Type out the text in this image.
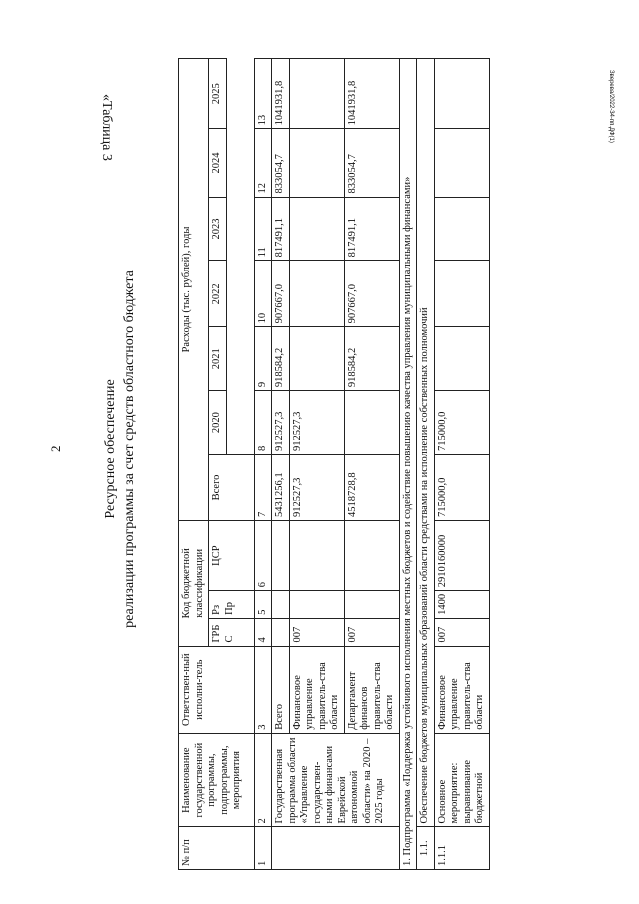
2
«Таблица 3
Ресурсное обеспечение реализации программы за счет средств областного бюджета
Зверева/2022-34-пп.ДФ(1)
№ п/п	Наименование государственной программы, подпрограммы, мероприятия	Ответствен-ный исполни-тель	Код бюджетной классификации			Расходы (тыс. рублей), годы						
			ГРБ С	Рз Пр	ЦСР	Всего	2020	2021	2022	2023	2024	2025

1	2	3	4	5	6	7	8	9	10	11	12	13
	Государственная программа области «Управление государствен-ными финансами Еврейской автономной области» на 2020 – 2025 годы	Всего				5431256,1	912527,3	918584,2	907667,0	817491,1	833054,7	1041931,8
		Финансовое управление правитель-ства области	007			912527,3	912527,3					
		Департамент финансов правитель-ства области	007			4518728,8		918584,2	907667,0	817491,1	833054,7	1041931,8
1. Подпрограмма «Поддержка устойчивого исполнения местных бюджетов и содействие повышению качества управления муниципальными финансами»												
1.1.	Обеспечение бюджетов муниципальных образований области средствами на исполнение собственных полномочий											
1.1.1	Основное мероприятие: выравнивание бюджетной	Финансовое управление правитель-ства области	007	1400	2910160000	715000,0	715000,0					
